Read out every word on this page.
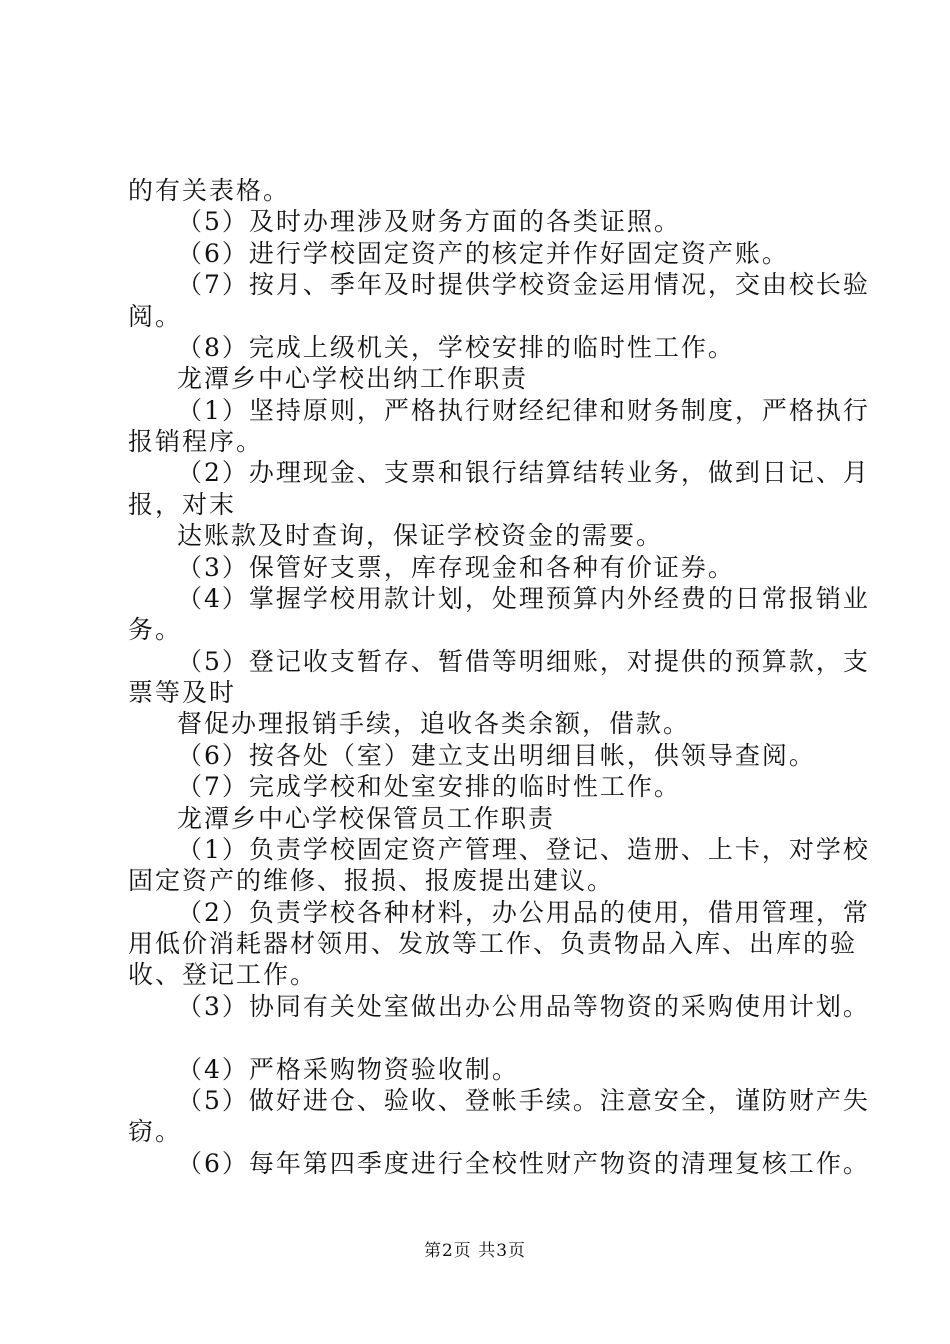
的有关表格。
（5）及时办理涉及财务方面的各类证照。
（6）进行学校固定资产的核定并作好固定资产账。
（7）按月、季年及时提供学校资金运用情况，交由校长验
阅。
（8）完成上级机关，学校安排的临时性工作。
龙潭乡中心学校出纳工作职责
（1）坚持原则，严格执行财经纪律和财务制度，严格执行
报销程序。
（2）办理现金、支票和银行结算结转业务，做到日记、月
报，对末
达账款及时查询，保证学校资金的需要。
（3）保管好支票，库存现金和各种有价证券。
（4）掌握学校用款计划，处理预算内外经费的日常报销业
务。
（5）登记收支暂存、暂借等明细账，对提供的预算款，支
票等及时
督促办理报销手续，追收各类余额，借款。
（6）按各处（室）建立支出明细目帐，供领导查阅。
（7）完成学校和处室安排的临时性工作。
龙潭乡中心学校保管员工作职责
（1）负责学校固定资产管理、登记、造册、上卡，对学校
固定资产的维修、报损、报废提出建议。
（2）负责学校各种材料，办公用品的使用，借用管理，常
用低价消耗器材领用、发放等工作、负责物品入库、出库的验
收、登记工作。
（3）协同有关处室做出办公用品等物资的采购使用计划。
（4）严格采购物资验收制。
（5）做好进仓、验收、登帐手续。注意安全，谨防财产失
窃。
（6）每年第四季度进行全校性财产物资的清理复核工作。
第2页 共3页
